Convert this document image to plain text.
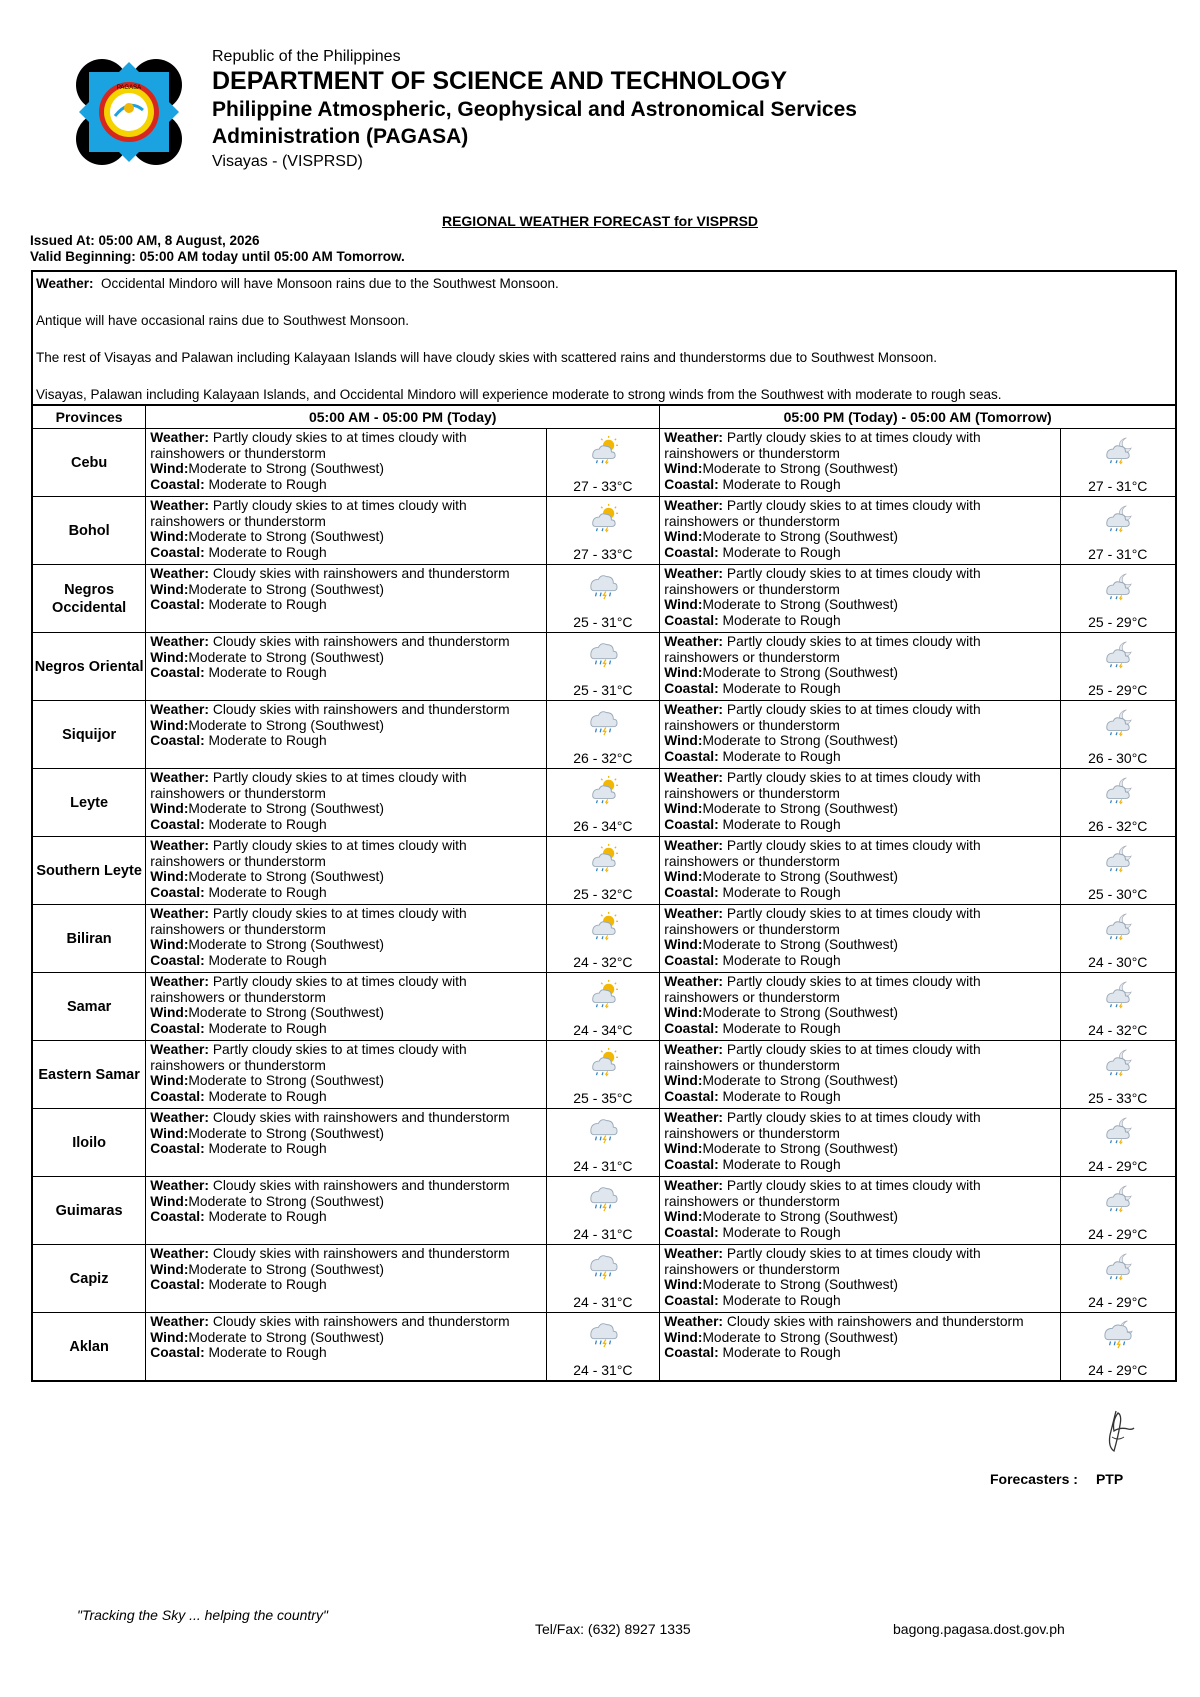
PAGASA
Republic of the Philippines
DEPARTMENT OF SCIENCE AND TECHNOLOGY
Philippine Atmospheric, Geophysical and Astronomical Services
Administration (PAGASA)
Visayas - (VISPRSD)
REGIONAL WEATHER FORECAST for VISPRSD
Issued At: 05:00 AM, 8 August, 2026
Valid Beginning: 05:00 AM today until 05:00 AM Tomorrow.

Weather: Occidental Mindoro will have Monsoon rains due to the Southwest Monsoon.

Antique will have occasional rains due to Southwest Monsoon.

The rest of Visayas and Palawan including Kalayaan Islands will have cloudy skies with scattered rains and thunderstorms due to Southwest Monsoon.

Visayas, Palawan including Kalayaan Islands, and Occidental Mindoro will experience moderate to strong winds from the Southwest with moderate to rough seas.

Provinces	05:00 AM - 05:00 PM (Today)		05:00 PM (Today) - 05:00 AM (Tomorrow)	
Cebu	Weather: Partly cloudy skies to at times cloudy with rainshowers or thunderstorm
Wind:Moderate to Strong (Southwest)
Coastal: Moderate to Rough	27 - 33°C	Weather: Partly cloudy skies to at times cloudy with rainshowers or thunderstorm
Wind:Moderate to Strong (Southwest)
Coastal: Moderate to Rough	27 - 31°C

Bohol	Weather: Partly cloudy skies to at times cloudy with rainshowers or thunderstorm
Wind:Moderate to Strong (Southwest)
Coastal: Moderate to Rough	27 - 33°C	Weather: Partly cloudy skies to at times cloudy with rainshowers or thunderstorm
Wind:Moderate to Strong (Southwest)
Coastal: Moderate to Rough	27 - 31°C

Negros Occidental	Weather: Cloudy skies with rainshowers and thunderstorm
Wind:Moderate to Strong (Southwest)
Coastal: Moderate to Rough	25 - 31°C	Weather: Partly cloudy skies to at times cloudy with rainshowers or thunderstorm
Wind:Moderate to Strong (Southwest)
Coastal: Moderate to Rough	25 - 29°C

Negros Oriental	Weather: Cloudy skies with rainshowers and thunderstorm
Wind:Moderate to Strong (Southwest)
Coastal: Moderate to Rough	25 - 31°C	Weather: Partly cloudy skies to at times cloudy with rainshowers or thunderstorm
Wind:Moderate to Strong (Southwest)
Coastal: Moderate to Rough	25 - 29°C

Siquijor	Weather: Cloudy skies with rainshowers and thunderstorm
Wind:Moderate to Strong (Southwest)
Coastal: Moderate to Rough	26 - 32°C	Weather: Partly cloudy skies to at times cloudy with rainshowers or thunderstorm
Wind:Moderate to Strong (Southwest)
Coastal: Moderate to Rough	26 - 30°C

Leyte	Weather: Partly cloudy skies to at times cloudy with rainshowers or thunderstorm
Wind:Moderate to Strong (Southwest)
Coastal: Moderate to Rough	26 - 34°C	Weather: Partly cloudy skies to at times cloudy with rainshowers or thunderstorm
Wind:Moderate to Strong (Southwest)
Coastal: Moderate to Rough	26 - 32°C

Southern Leyte	Weather: Partly cloudy skies to at times cloudy with rainshowers or thunderstorm
Wind:Moderate to Strong (Southwest)
Coastal: Moderate to Rough	25 - 32°C	Weather: Partly cloudy skies to at times cloudy with rainshowers or thunderstorm
Wind:Moderate to Strong (Southwest)
Coastal: Moderate to Rough	25 - 30°C

Biliran	Weather: Partly cloudy skies to at times cloudy with rainshowers or thunderstorm
Wind:Moderate to Strong (Southwest)
Coastal: Moderate to Rough	24 - 32°C	Weather: Partly cloudy skies to at times cloudy with rainshowers or thunderstorm
Wind:Moderate to Strong (Southwest)
Coastal: Moderate to Rough	24 - 30°C

Samar	Weather: Partly cloudy skies to at times cloudy with rainshowers or thunderstorm
Wind:Moderate to Strong (Southwest)
Coastal: Moderate to Rough	24 - 34°C	Weather: Partly cloudy skies to at times cloudy with rainshowers or thunderstorm
Wind:Moderate to Strong (Southwest)
Coastal: Moderate to Rough	24 - 32°C

Eastern Samar	Weather: Partly cloudy skies to at times cloudy with rainshowers or thunderstorm
Wind:Moderate to Strong (Southwest)
Coastal: Moderate to Rough	25 - 35°C	Weather: Partly cloudy skies to at times cloudy with rainshowers or thunderstorm
Wind:Moderate to Strong (Southwest)
Coastal: Moderate to Rough	25 - 33°C

Iloilo	Weather: Cloudy skies with rainshowers and thunderstorm
Wind:Moderate to Strong (Southwest)
Coastal: Moderate to Rough	24 - 31°C	Weather: Partly cloudy skies to at times cloudy with rainshowers or thunderstorm
Wind:Moderate to Strong (Southwest)
Coastal: Moderate to Rough	24 - 29°C

Guimaras	Weather: Cloudy skies with rainshowers and thunderstorm
Wind:Moderate to Strong (Southwest)
Coastal: Moderate to Rough	24 - 31°C	Weather: Partly cloudy skies to at times cloudy with rainshowers or thunderstorm
Wind:Moderate to Strong (Southwest)
Coastal: Moderate to Rough	24 - 29°C

Capiz	Weather: Cloudy skies with rainshowers and thunderstorm
Wind:Moderate to Strong (Southwest)
Coastal: Moderate to Rough	24 - 31°C	Weather: Partly cloudy skies to at times cloudy with rainshowers or thunderstorm
Wind:Moderate to Strong (Southwest)
Coastal: Moderate to Rough	24 - 29°C

Aklan	Weather: Cloudy skies with rainshowers and thunderstorm
Wind:Moderate to Strong (Southwest)
Coastal: Moderate to Rough	24 - 31°C	Weather: Cloudy skies with rainshowers and thunderstorm
Wind:Moderate to Strong (Southwest)
Coastal: Moderate to Rough	24 - 29°C
Forecasters : PTP
"Tracking the Sky ... helping the country"
Tel/Fax: (632) 8927 1335	bagong.pagasa.dost.gov.ph
